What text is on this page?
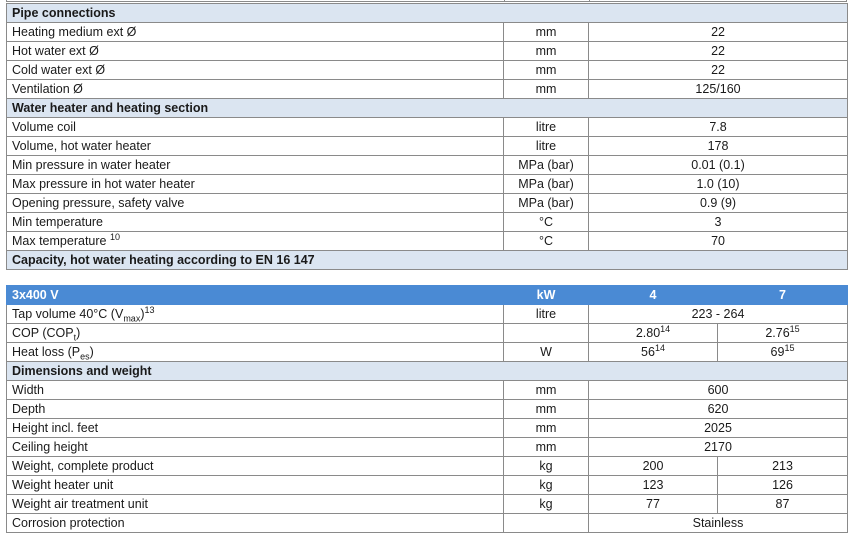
Pipe connections		
Heating medium ext Ø	mm	22
Hot water ext Ø	mm	22
Cold water ext Ø	mm	22
Ventilation Ø	mm	125/160
Water heater and heating section		
Volume coil	litre	7.8
Volume, hot water heater	litre	178
Min pressure in water heater	MPa (bar)	0.01 (0.1)
Max pressure in hot water heater	MPa (bar)	1.0 (10)
Opening pressure, safety valve	MPa (bar)	0.9 (9)
Min temperature	°C	3
Max temperature $^{10}$	°C	70
Capacity, hot water heating according to EN 16 147		
3x400 V	kW	4	7
Tap volume 40°C $(V_{max})^{13}$	litre	223 - 264	
COP $(COP_t)$		2.80$^{14}$	2.76$^{15}$
Heat loss $(P_{es})$	W	$56^{14}$	$69^{15}$
Dimensions and weight			
Width	mm	600	
Depth	mm	620	
Height incl. feet	mm	2025	
Ceiling height	mm	2170	
Weight, complete product	kg	200	213
Weight heater unit	kg	123	126
Weight air treatment unit	kg	77	87
Corrosion protection		Stainless	
